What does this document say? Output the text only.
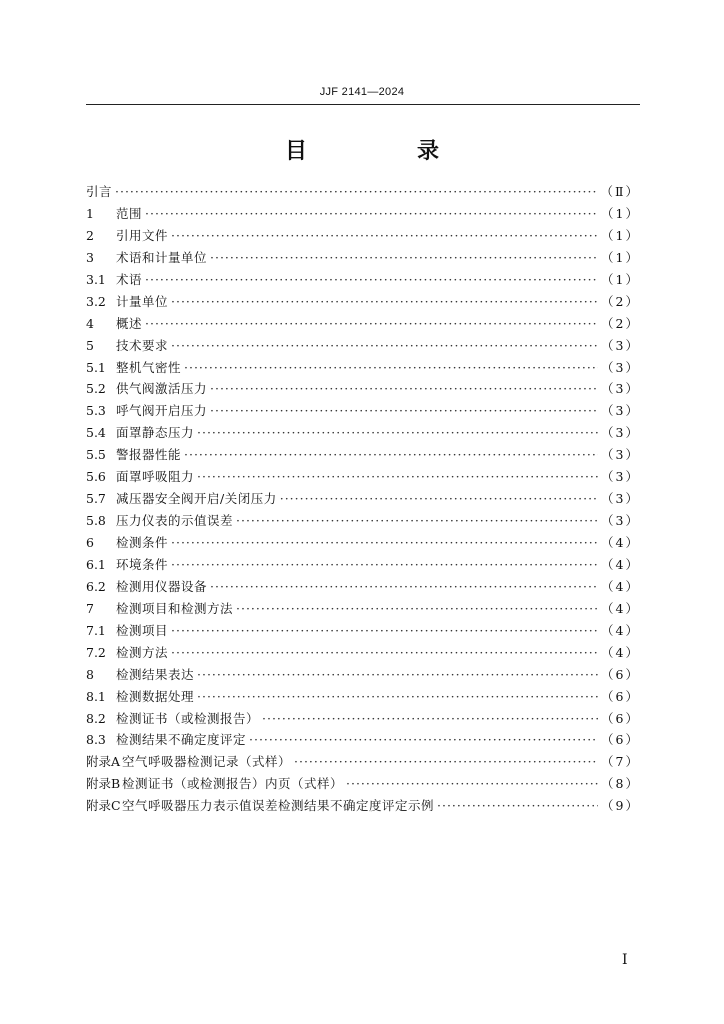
JJF 2141—2024
目　录
引言 ·····	（Ⅱ）
1	范围 ·····	（1）
2	引用文件 ·····	（1）
3	术语和计量单位 ·····	（1）
3.1 术语 ·····	（1）
3.2 计量单位 ·····	（2）
4	概述 ·····	（2）
5	技术要求 ·····	（3）
5.1 整机气密性 ·····	（3）
5.2 供气阀激活压力 ·····	（3）
5.3 呼气阀开启压力 ·····	（3）
5.4 面罩静态压力 ·····	（3）
5.5 警报器性能 ·····	（3）
5.6 面罩呼吸阻力 ·····	（3）
5.7 减压器安全阀开启/关闭压力 ·····	（3）
5.8 压力仪表的示值误差 ·····	（3）
6	检测条件 ·····	（4）
6.1 环境条件 ·····	（4）
6.2 检测用仪器设备 ·····	（4）
7	检测项目和检测方法 ·····	（4）
7.1 检测项目 ·····	（4）
7.2 检测方法 ·····	（4）
8	检测结果表达 ·····	（6）
8.1 检测数据处理 ·····	（6）
8.2 检测证书（或检测报告） ·····	（6）
8.3 检测结果不确定度评定 ·····	（6）
附录A 空气呼吸器检测记录（式样） ·····	（7）
附录B 检测证书（或检测报告）内页（式样） ·····	（8）
附录C 空气呼吸器压力表示值误差检测结果不确定度评定示例 ·····	（9）
I
